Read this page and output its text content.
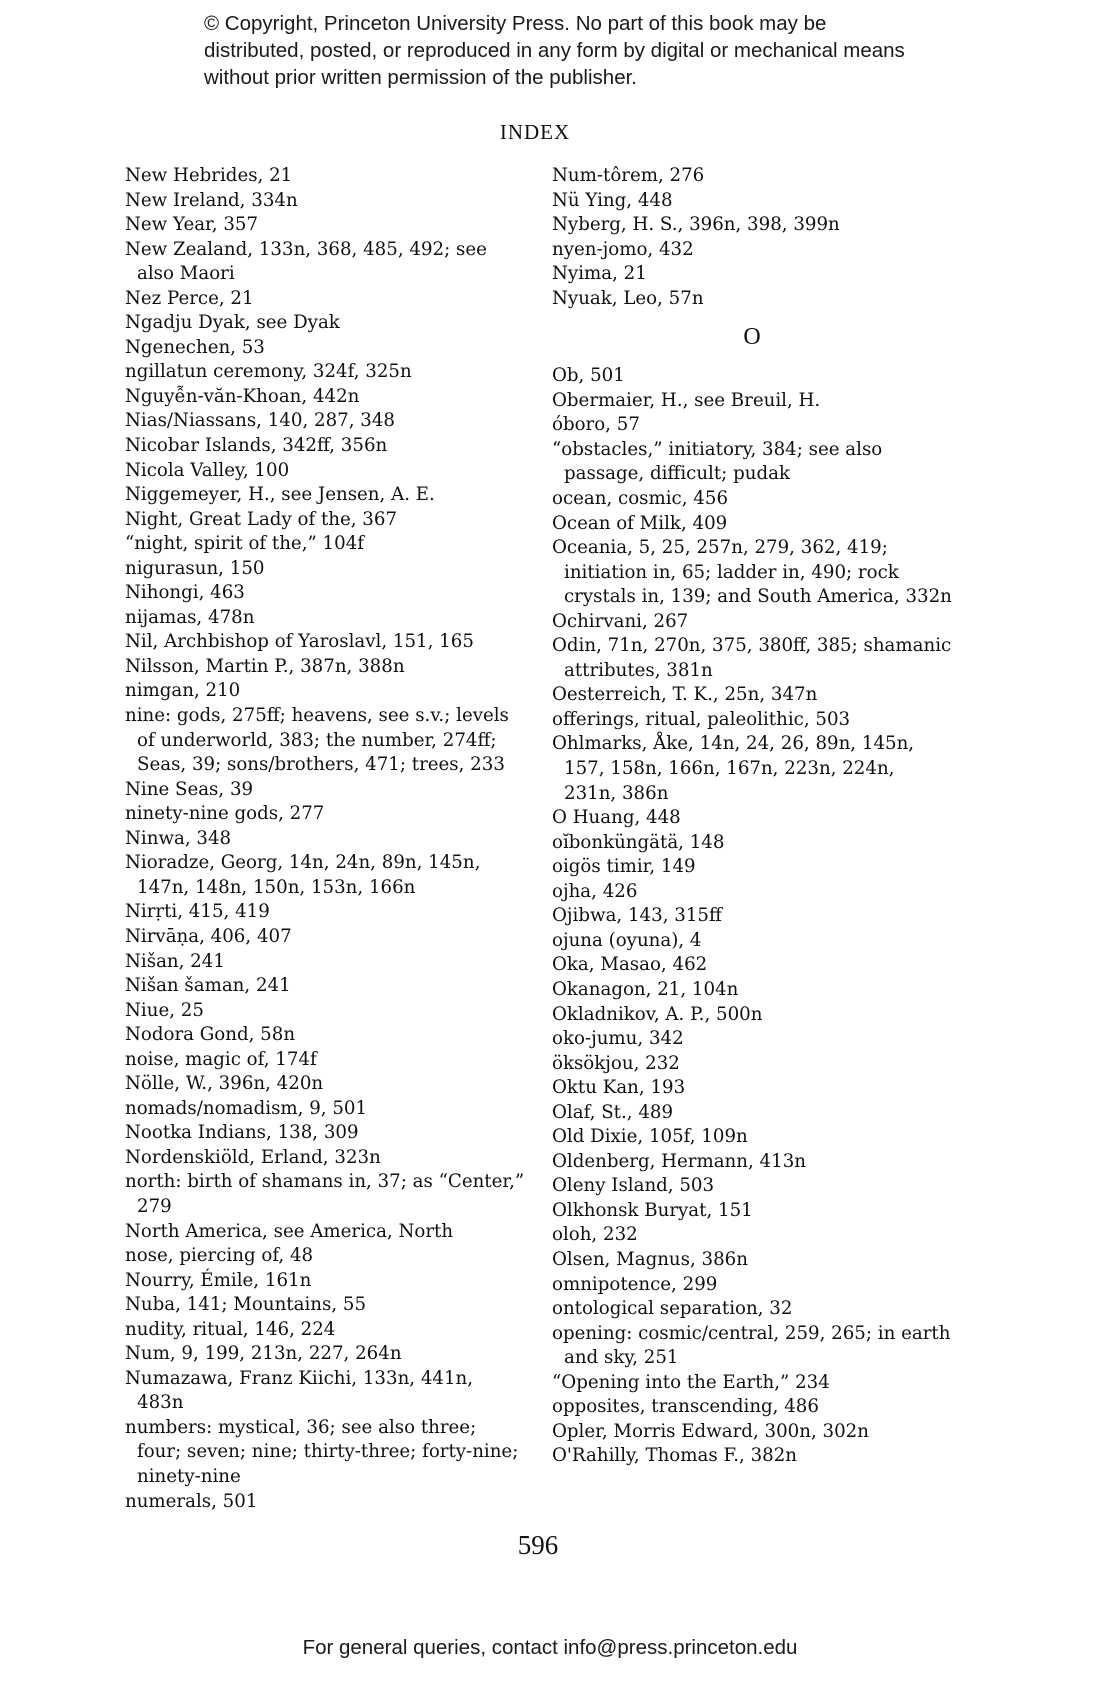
© Copyright, Princeton University Press. No part of this book may be distributed, posted, or reproduced in any form by digital or mechanical means without prior written permission of the publisher.
INDEX
New Hebrides, 21
New Ireland, 334n
New Year, 357
New Zealand, 133n, 368, 485, 492; see also Maori
Nez Perce, 21
Ngadju Dyak, see Dyak
Ngenechen, 53
ngillatun ceremony, 324f, 325n
Nguyễn-văn-Khoan, 442n
Nias/Niassans, 140, 287, 348
Nicobar Islands, 342ff, 356n
Nicola Valley, 100
Niggemeyer, H., see Jensen, A. E.
Night, Great Lady of the, 367
“night, spirit of the,” 104f
nigurasun, 150
Nihongi, 463
nijamas, 478n
Nil, Archbishop of Yaroslavl, 151, 165
Nilsson, Martin P., 387n, 388n
nimgan, 210
nine: gods, 275ff; heavens, see s.v.; levels of underworld, 383; the number, 274ff; Seas, 39; sons/brothers, 471; trees, 233
Nine Seas, 39
ninety-nine gods, 277
Ninwa, 348
Nioradze, Georg, 14n, 24n, 89n, 145n, 147n, 148n, 150n, 153n, 166n
Nirṛti, 415, 419
Nirvāṇa, 406, 407
Nišan, 241
Nišan šaman, 241
Niue, 25
Nodora Gond, 58n
noise, magic of, 174f
Nölle, W., 396n, 420n
nomads/nomadism, 9, 501
Nootka Indians, 138, 309
Nordenskiöld, Erland, 323n
north: birth of shamans in, 37; as “Center,” 279
North America, see America, North
nose, piercing of, 48
Nourry, Émile, 161n
Nuba, 141; Mountains, 55
nudity, ritual, 146, 224
Num, 9, 199, 213n, 227, 264n
Numazawa, Franz Kiichi, 133n, 441n, 483n
numbers: mystical, 36; see also three; four; seven; nine; thirty-three; forty-nine; ninety-nine
numerals, 501
Num-tôrem, 276
Nü Ying, 448
Nyberg, H. S., 396n, 398, 399n
nyen-jomo, 432
Nyima, 21
Nyuak, Leo, 57n
O
Ob, 501
Obermaier, H., see Breuil, H.
óboro, 57
“obstacles,” initiatory, 384; see also passage, difficult; pudak
ocean, cosmic, 456
Ocean of Milk, 409
Oceania, 5, 25, 257n, 279, 362, 419; initiation in, 65; ladder in, 490; rock crystals in, 139; and South America, 332n
Ochirvani, 267
Odin, 71n, 270n, 375, 380ff, 385; shamanic attributes, 381n
Oesterreich, T. K., 25n, 347n
offerings, ritual, paleolithic, 503
Ohlmarks, Åke, 14n, 24, 26, 89n, 145n, 157, 158n, 166n, 167n, 223n, 224n, 231n, 386n
O Huang, 448
oĭbonküngätä, 148
oigös timir, 149
ojha, 426
Ojibwa, 143, 315ff
ojuna (oyuna), 4
Oka, Masao, 462
Okanagon, 21, 104n
Okladnikov, A. P., 500n
oko-jumu, 342
öksökjou, 232
Oktu Kan, 193
Olaf, St., 489
Old Dixie, 105f, 109n
Oldenberg, Hermann, 413n
Oleny Island, 503
Olkhonsk Buryat, 151
oloh, 232
Olsen, Magnus, 386n
omnipotence, 299
ontological separation, 32
opening: cosmic/central, 259, 265; in earth and sky, 251
“Opening into the Earth,” 234
opposites, transcending, 486
Opler, Morris Edward, 300n, 302n
O'Rahilly, Thomas F., 382n
596
For general queries, contact info@press.princeton.edu
